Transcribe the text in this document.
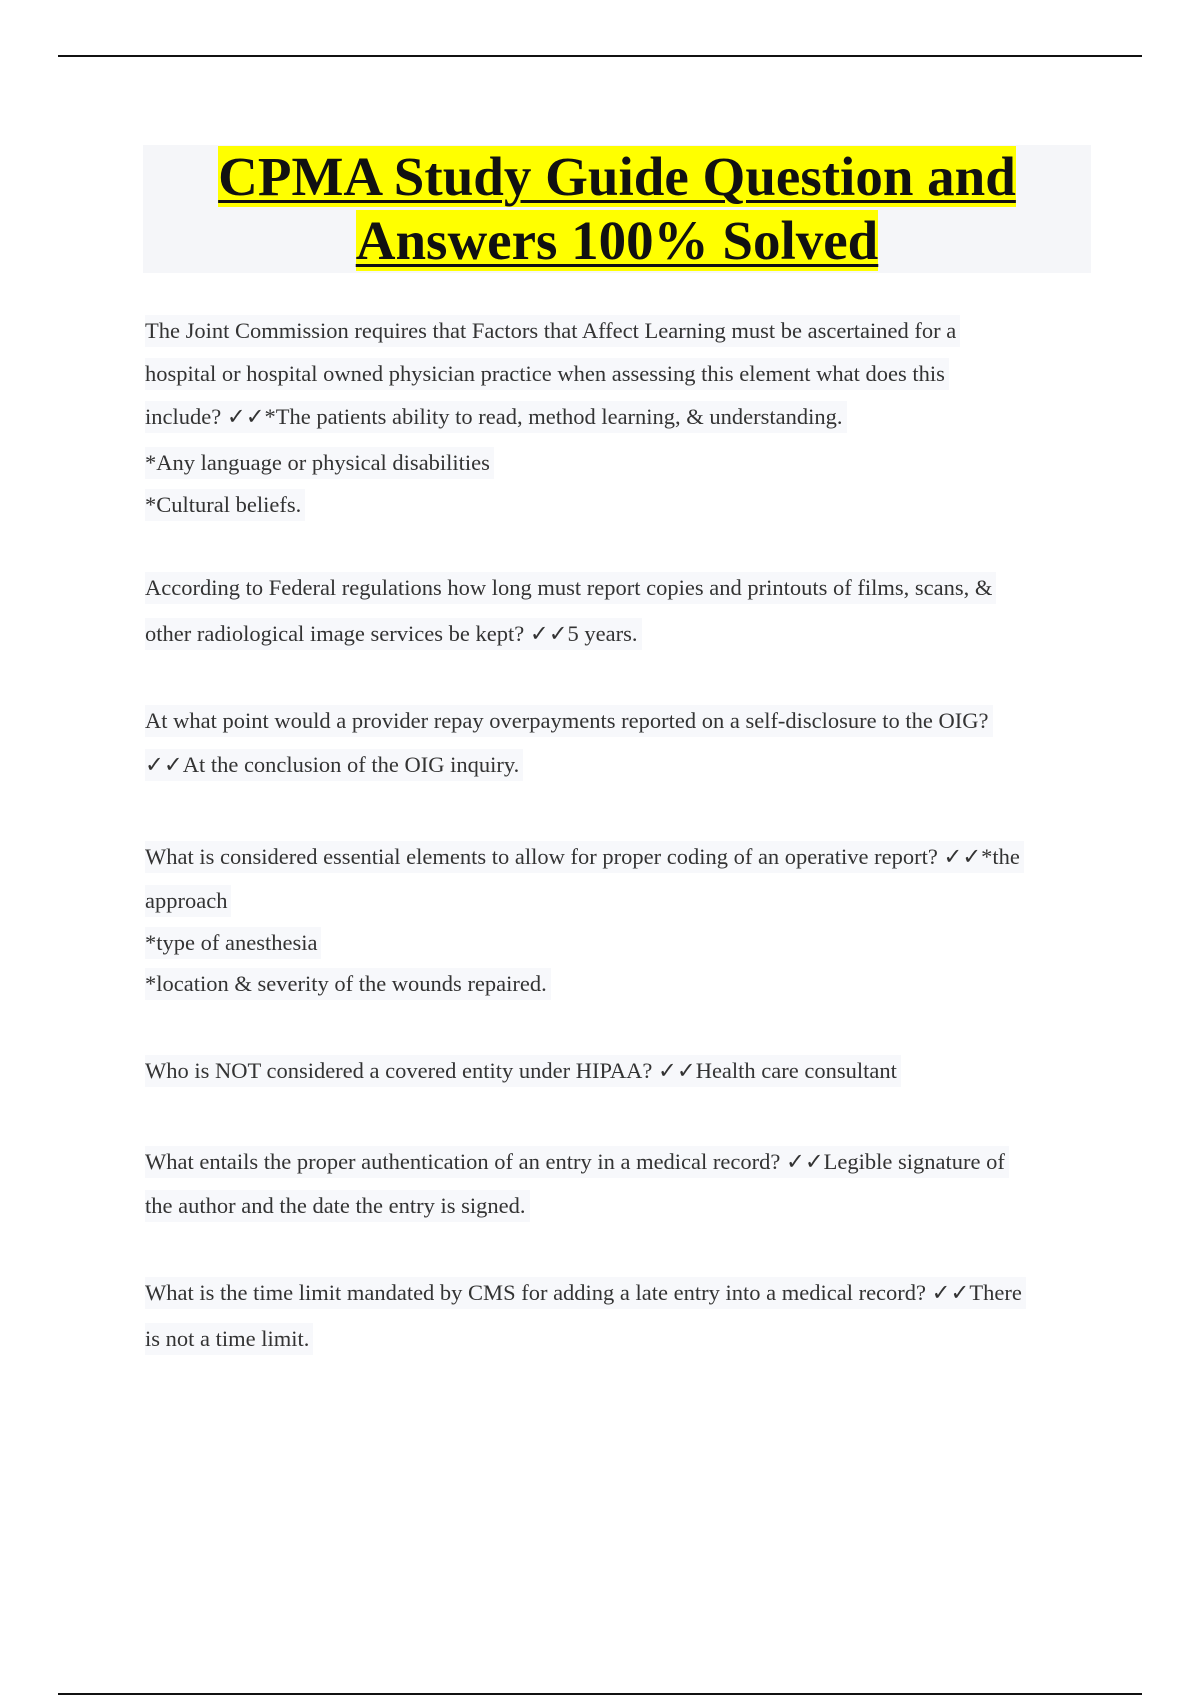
CPMA Study Guide Question and
Answers 100% Solved
The Joint Commission requires that Factors that Affect Learning must be ascertained for a
hospital or hospital owned physician practice when assessing this element what does this
include? ✓✓*The patients ability to read, method learning, & understanding.
*Any language or physical disabilities
*Cultural beliefs.
According to Federal regulations how long must report copies and printouts of films, scans, &
other radiological image services be kept? ✓✓5 years.
At what point would a provider repay overpayments reported on a self-disclosure to the OIG?
✓✓At the conclusion of the OIG inquiry.
What is considered essential elements to allow for proper coding of an operative report? ✓✓*the
approach
*type of anesthesia
*location & severity of the wounds repaired.
Who is NOT considered a covered entity under HIPAA? ✓✓Health care consultant
What entails the proper authentication of an entry in a medical record? ✓✓Legible signature of
the author and the date the entry is signed.
What is the time limit mandated by CMS for adding a late entry into a medical record? ✓✓There
is not a time limit.
